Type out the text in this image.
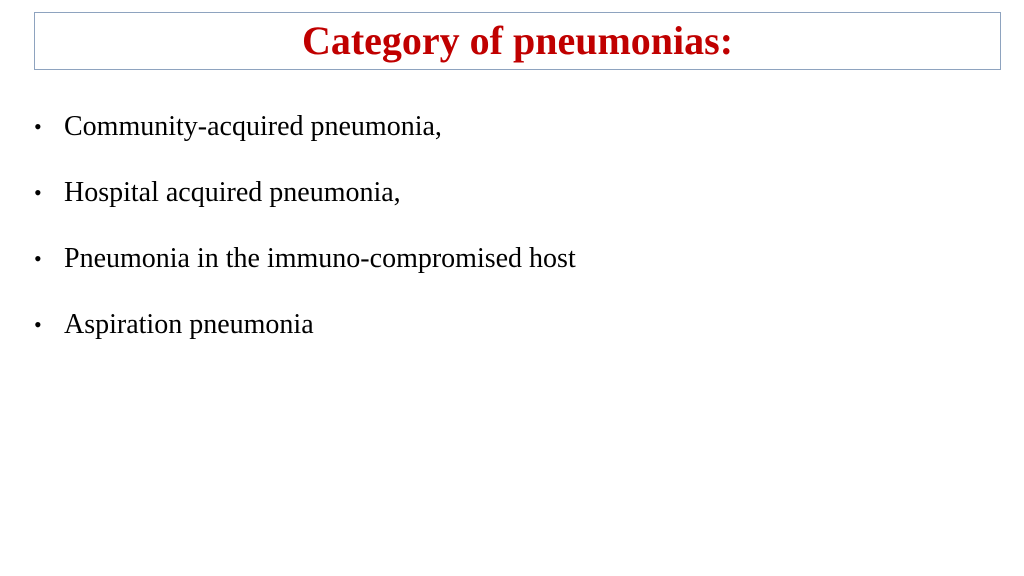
Category of pneumonias:
• Community-acquired pneumonia,
• Hospital acquired pneumonia,
• Pneumonia in the immuno-compromised host
• Aspiration pneumonia
